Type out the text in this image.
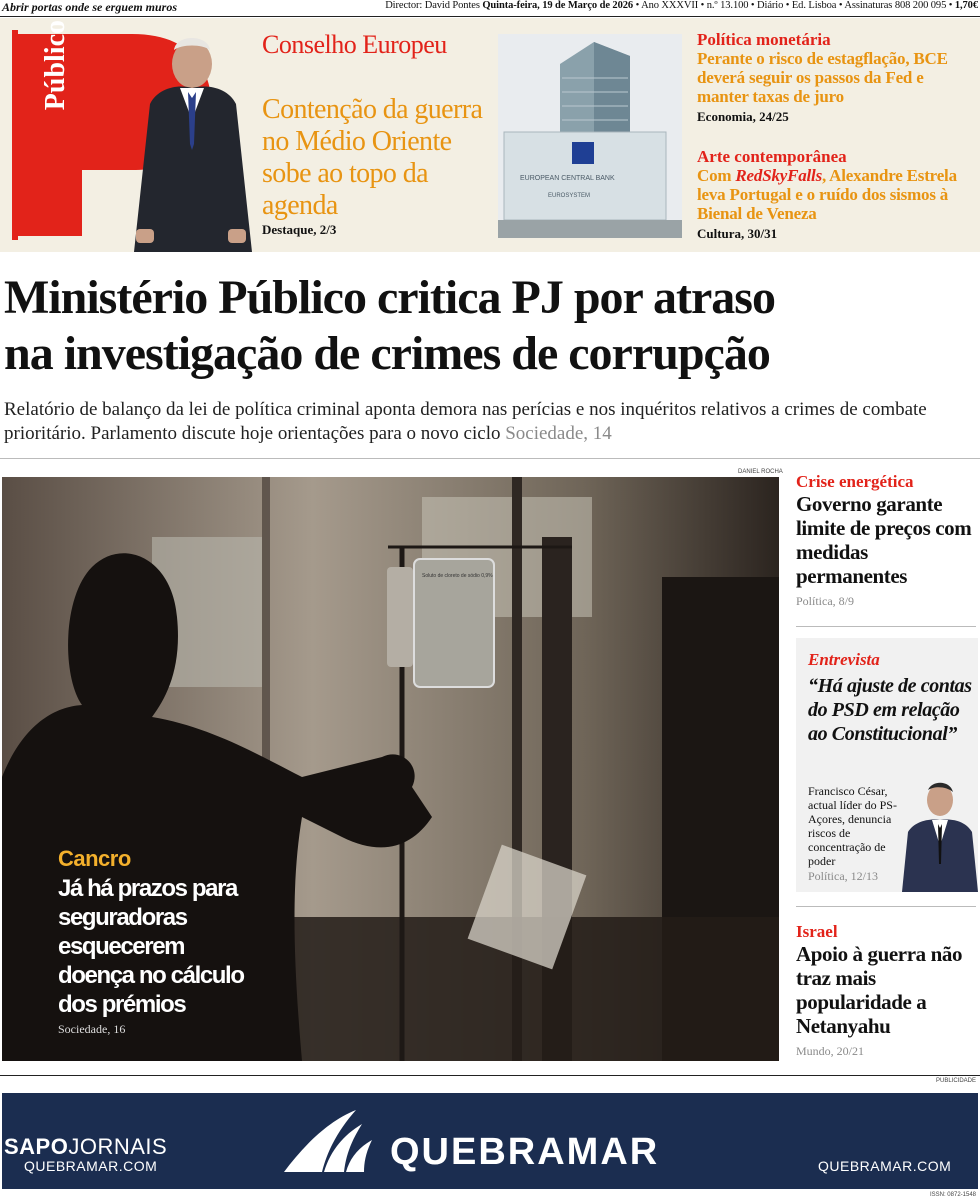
Abrir portas onde se erguem muros	Director: David Pontes Quinta-feira, 19 de Março de 2026 • Ano XXXVII • n.º 13.100 • Diário • Ed. Lisboa • Assinaturas 808 200 095 • 1,70€
Público	Conselho Europeu
Contenção da guerra no Médio Oriente sobe ao topo da agenda
Destaque, 2/3
EUROPEAN CENTRAL BANK
EUROSYSTEM
Política monetária
Perante o risco de estagflação, BCE deverá seguir os passos da Fed e manter taxas de juro
Economia, 24/25
Arte contemporânea
Com RedSkyFalls, Alexandre Estrela leva Portugal e o ruído dos sismos à Bienal de Veneza
Cultura, 30/31
Ministério Público critica PJ por atraso
na investigação de crimes de corrupção
Relatório de balanço da lei de política criminal aponta demora nas perícias e nos inquéritos relativos a crimes de combate prioritário. Parlamento discute hoje orientações para o novo ciclo Sociedade, 14
DANIEL ROCHA
Soluto de cloreto de sódio 0,9%
Cancro
Já há prazos para seguradoras esquecerem doença no cálculo dos prémios
Sociedade, 16
Crise energética
Governo garante limite de preços com medidas permanentes
Política, 8/9
Entrevista
“Há ajuste de contas do PSD em relação ao Constitucional”
Francisco César, actual líder do PS-Açores, denuncia riscos de concentração de poder
Política, 12/13
Israel
Apoio à guerra não traz mais popularidade a Netanyahu
Mundo, 20/21
PUBLICIDADE
SAPOJORNAIS
QUEBRAMAR.COM	QUEBRAMAR	QUEBRAMAR.COM
ISSN: 0872-1548
